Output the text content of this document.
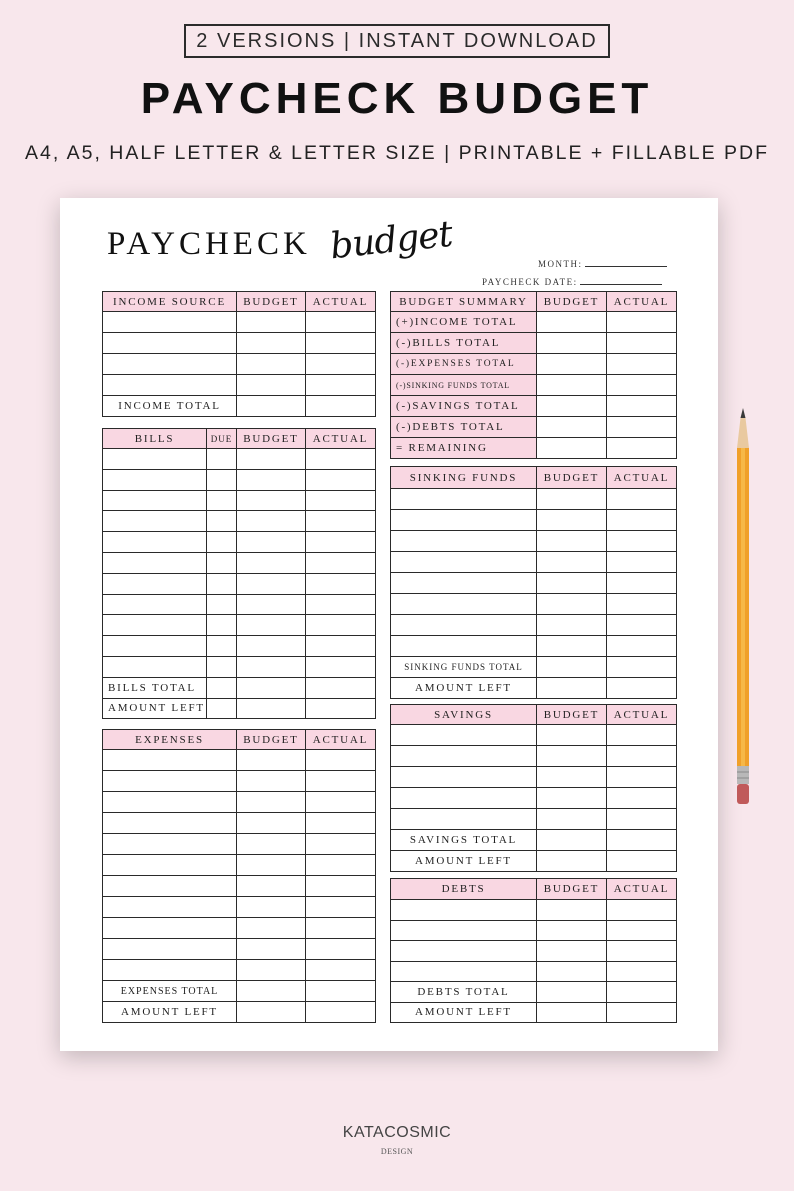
2 VERSIONS | INSTANT DOWNLOAD
PAYCHECK BUDGET
A4, A5, HALF LETTER & LETTER SIZE | PRINTABLE + FILLABLE PDF
PAYCHECK budget	MONTH:
PAYCHECK DATE:
INCOME SOURCE	BUDGET	ACTUAL

INCOME TOTAL		
BILLS	DUE	BUDGET	ACTUAL

BILLS TOTAL			
AMOUNT LEFT			
EXPENSES	BUDGET	ACTUAL

EXPENSES TOTAL		
AMOUNT LEFT		
BUDGET SUMMARY	BUDGET	ACTUAL
(+)INCOME TOTAL		
(-)BILLS TOTAL		
(-)EXPENSES TOTAL		
(-)SINKING FUNDS TOTAL		
(-)SAVINGS TOTAL		
(-)DEBTS TOTAL		
= REMAINING		
SINKING FUNDS	BUDGET	ACTUAL

SINKING FUNDS TOTAL		
AMOUNT LEFT		
SAVINGS	BUDGET	ACTUAL

SAVINGS TOTAL		
AMOUNT LEFT		
DEBTS	BUDGET	ACTUAL

DEBTS TOTAL		
AMOUNT LEFT		
KATACOSMIC
DESIGN
